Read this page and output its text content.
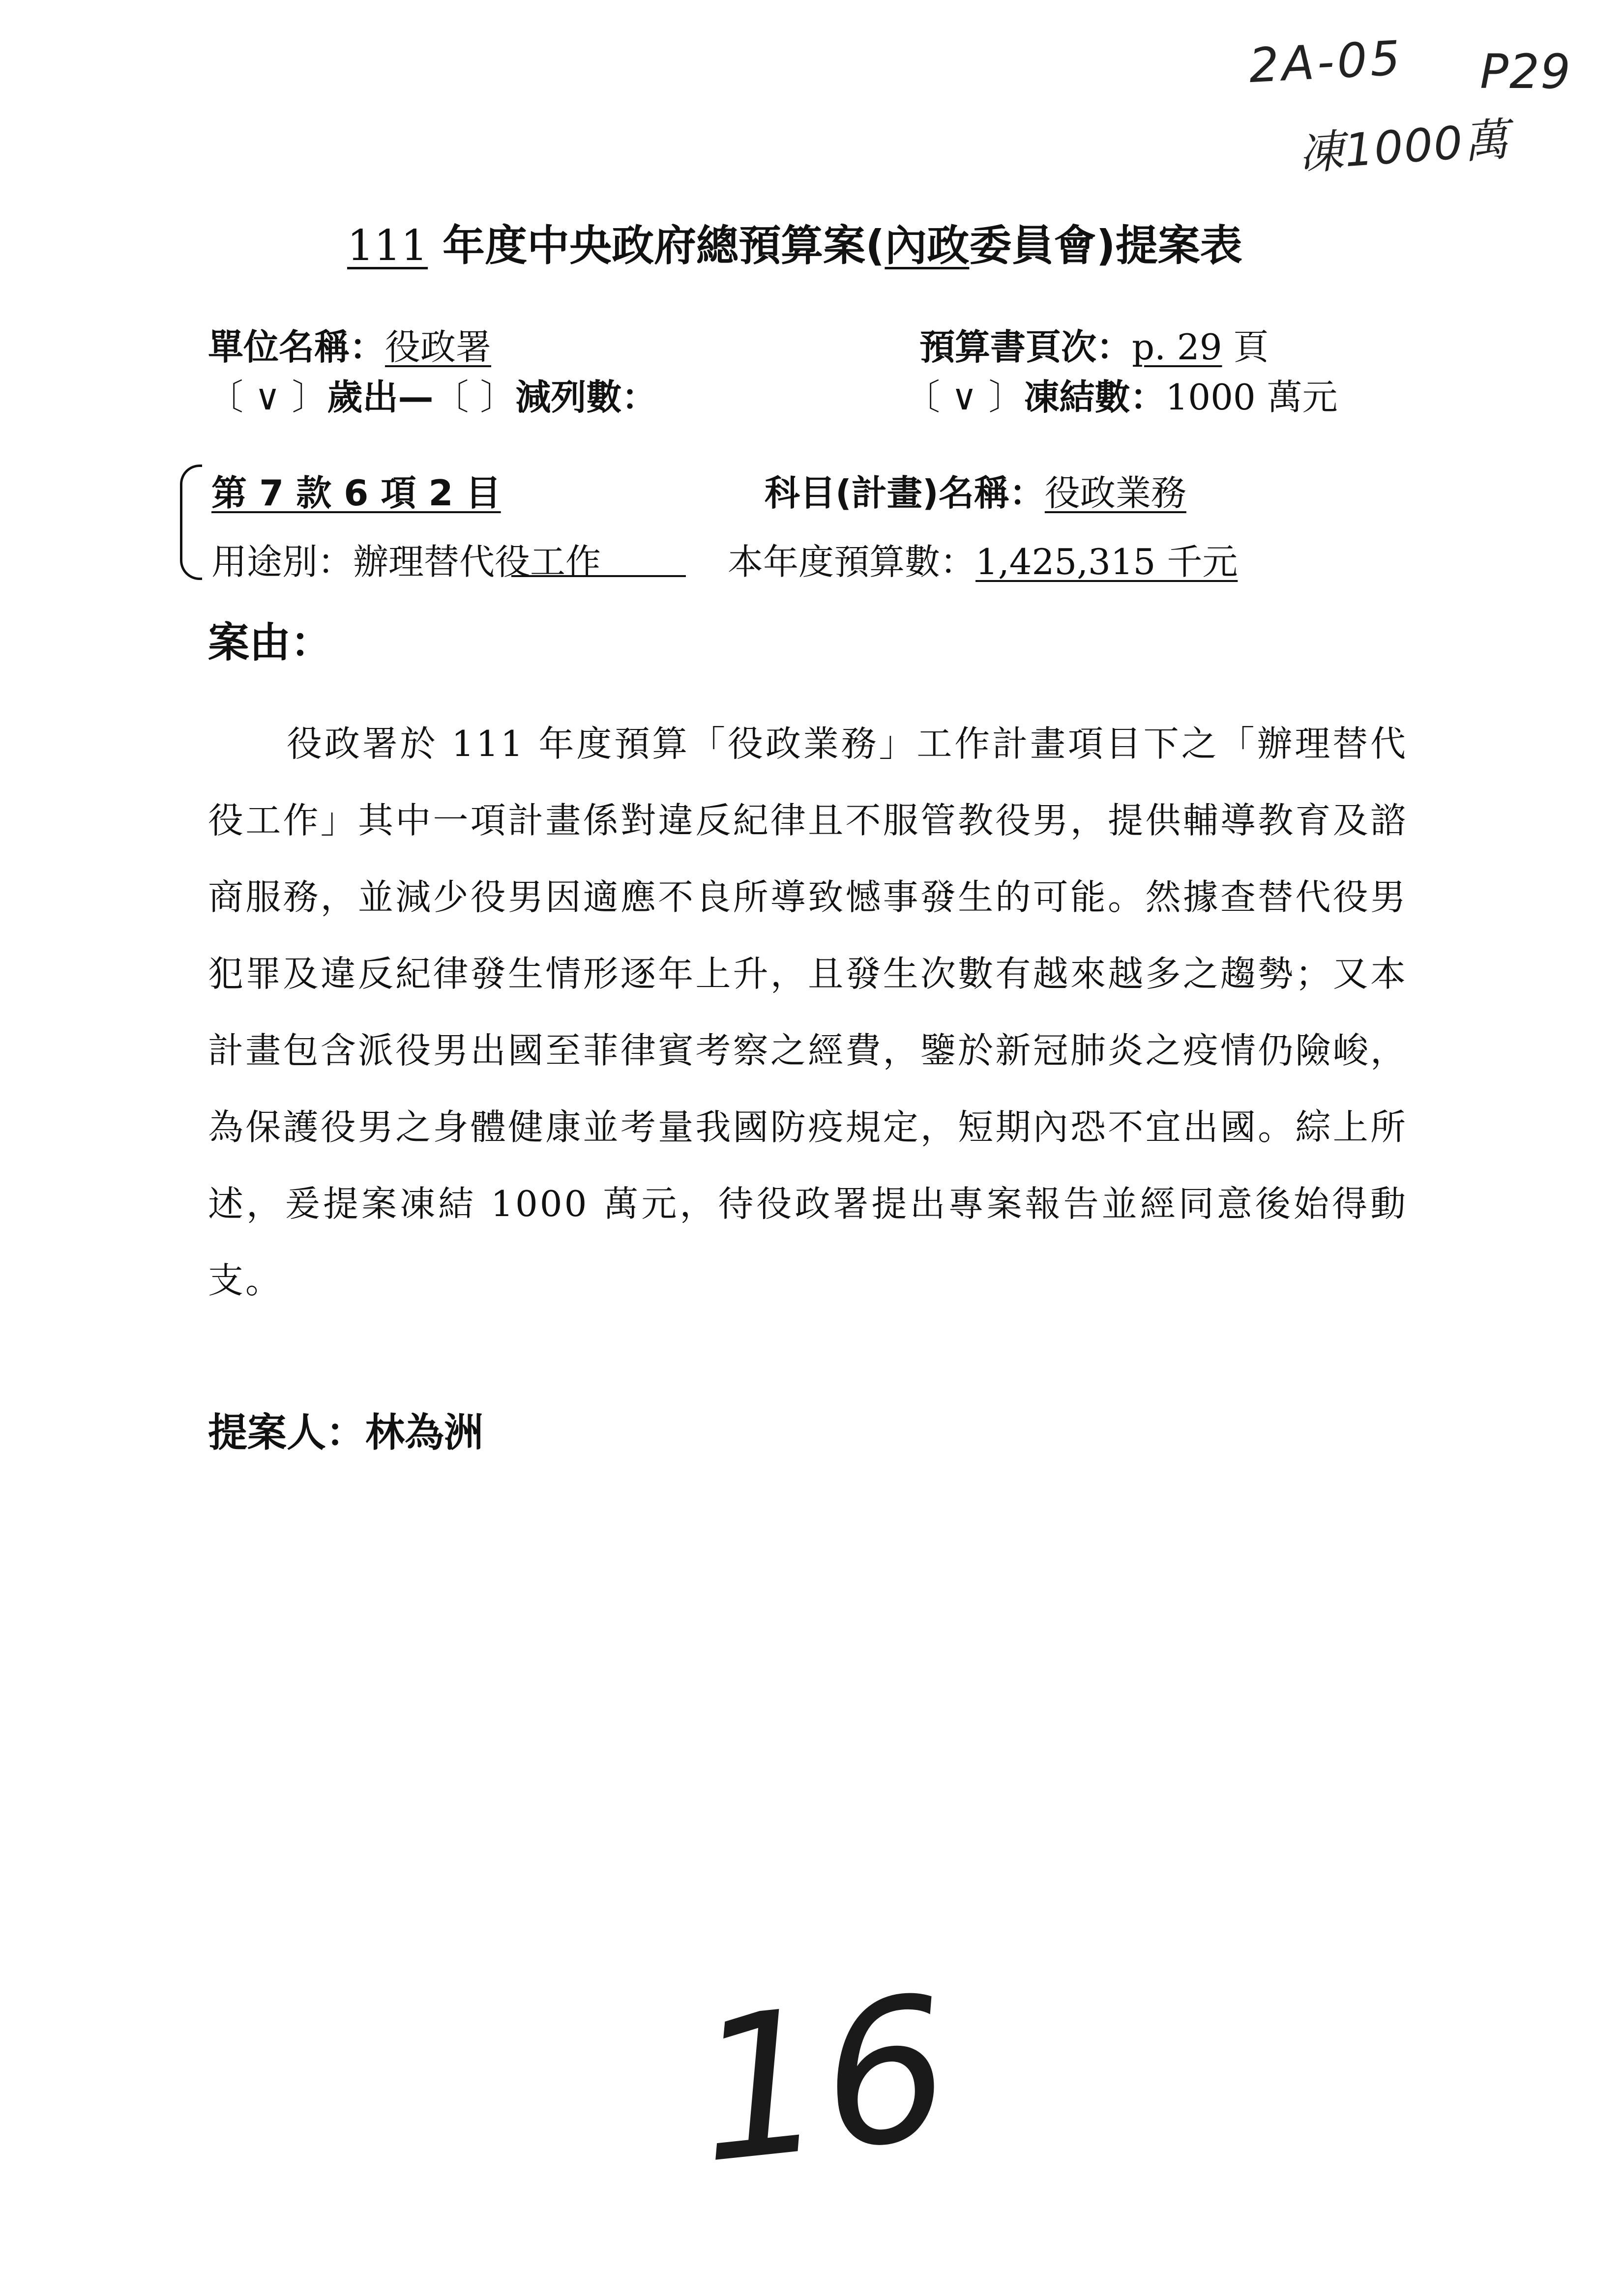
2A-05 P29
凍1000萬
111 年度中央政府總預算案(內政委員會)提案表
單位名稱：役政署
〔 ∨ 〕歲出—〔 〕減列數：
預算書頁次：p. 29 頁
〔 ∨ 〕凍結數：1000 萬元
第 7 款 6 項 2 目	科目(計畫)名稱：役政業務
用途別：辦理替代役工作	本年度預算數：1,425,315 千元
案由：
役政署於 111 年度預算「役政業務」工作計畫項目下之「辦理替代役工作」其中一項計畫係對違反紀律且不服管教役男，提供輔導教育及諮商服務，並減少役男因適應不良所導致憾事發生的可能。然據查替代役男犯罪及違反紀律發生情形逐年上升，且發生次數有越來越多之趨勢；又本計畫包含派役男出國至菲律賓考察之經費，鑒於新冠肺炎之疫情仍險峻，為保護役男之身體健康並考量我國防疫規定，短期內恐不宜出國。綜上所述，爰提案凍結 1000 萬元，待役政署提出專案報告並經同意後始得動支。
提案人：林為洲
16
